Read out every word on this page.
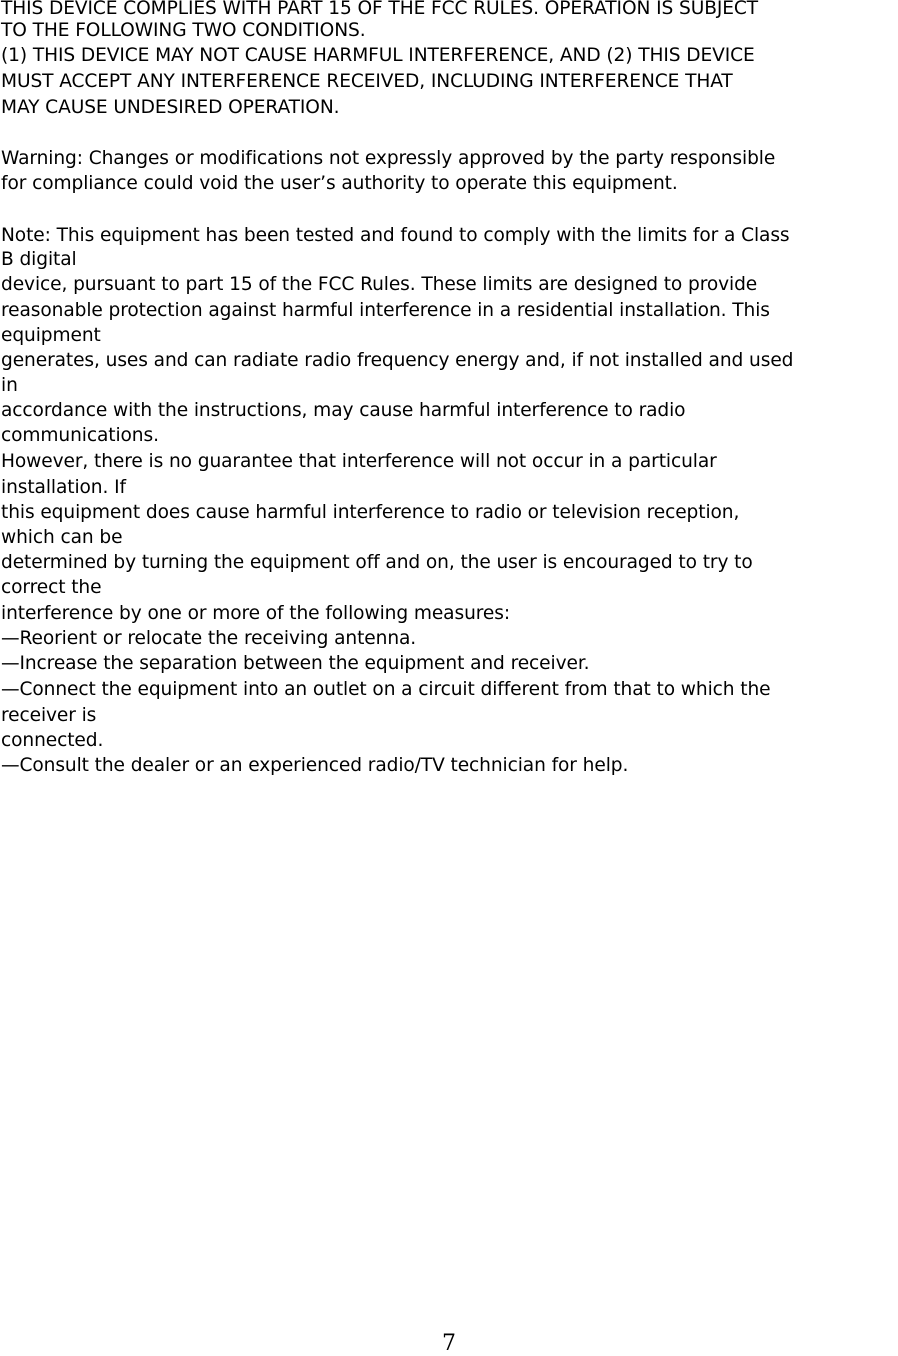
THIS DEVICE COMPLIES WITH PART 15 OF THE FCC RULES. OPERATION IS SUBJECT
TO THE FOLLOWING TWO CONDITIONS.
(1) THIS DEVICE MAY NOT CAUSE HARMFUL INTERFERENCE, AND (2) THIS DEVICE
MUST ACCEPT ANY INTERFERENCE RECEIVED, INCLUDING INTERFERENCE THAT
MAY CAUSE UNDESIRED OPERATION.
Warning: Changes or modifications not expressly approved by the party responsible
for compliance could void the user’s authority to operate this equipment.
Note: This equipment has been tested and found to comply with the limits for a Class
B digital
device, pursuant to part 15 of the FCC Rules. These limits are designed to provide
reasonable protection against harmful interference in a residential installation. This
equipment
generates, uses and can radiate radio frequency energy and, if not installed and used
in
accordance with the instructions, may cause harmful interference to radio
communications.
However, there is no guarantee that interference will not occur in a particular
installation. If
this equipment does cause harmful interference to radio or television reception,
which can be
determined by turning the equipment off and on, the user is encouraged to try to
correct the
interference by one or more of the following measures:
—Reorient or relocate the receiving antenna.
—Increase the separation between the equipment and receiver.
—Connect the equipment into an outlet on a circuit different from that to which the
receiver is
connected.
—Consult the dealer or an experienced radio/TV technician for help.
7
